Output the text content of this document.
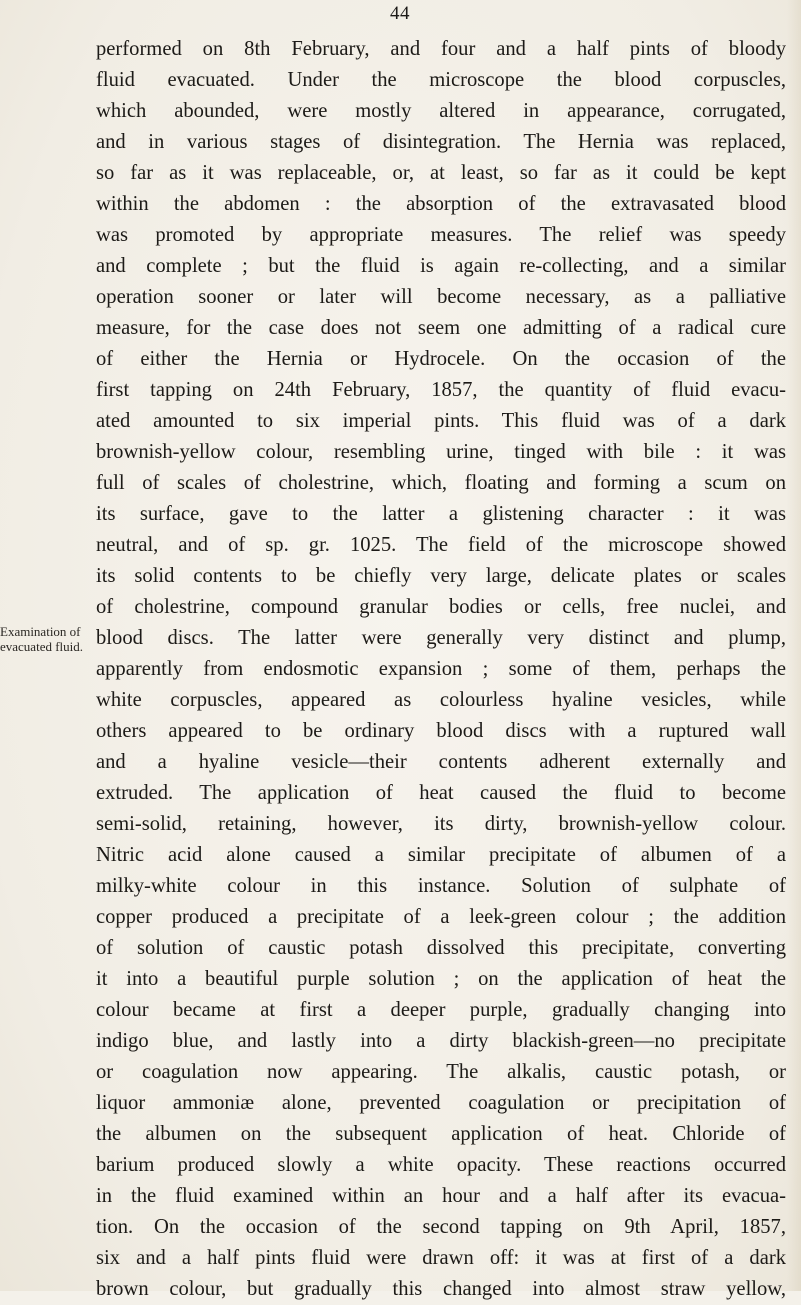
44
Examination of
evacuated fluid.
performed on 8th February, and four and a half pints of bloody
fluid evacuated. Under the microscope the blood corpuscles,
which abounded, were mostly altered in appearance, corrugated,
and in various stages of disintegration. The Hernia was replaced,
so far as it was replaceable, or, at least, so far as it could be kept
within the abdomen : the absorption of the extravasated blood
was promoted by appropriate measures. The relief was speedy
and complete ; but the fluid is again re-collecting, and a similar
operation sooner or later will become necessary, as a palliative
measure, for the case does not seem one admitting of a radical cure
of either the Hernia or Hydrocele. On the occasion of the
first tapping on 24th February, 1857, the quantity of fluid evacu-
ated amounted to six imperial pints. This fluid was of a dark
brownish-yellow colour, resembling urine, tinged with bile : it was
full of scales of cholestrine, which, floating and forming a scum on
its surface, gave to the latter a glistening character : it was
neutral, and of sp. gr. 1025. The field of the microscope showed
its solid contents to be chiefly very large, delicate plates or scales
of cholestrine, compound granular bodies or cells, free nuclei, and
blood discs. The latter were generally very distinct and plump,
apparently from endosmotic expansion ; some of them, perhaps the
white corpuscles, appeared as colourless hyaline vesicles, while
others appeared to be ordinary blood discs with a ruptured wall
and a hyaline vesicle—their contents adherent externally and
extruded. The application of heat caused the fluid to become
semi-solid, retaining, however, its dirty, brownish-yellow colour.
Nitric acid alone caused a similar precipitate of albumen of a
milky-white colour in this instance. Solution of sulphate of
copper produced a precipitate of a leek-green colour ; the addition
of solution of caustic potash dissolved this precipitate, converting
it into a beautiful purple solution ; on the application of heat the
colour became at first a deeper purple, gradually changing into
indigo blue, and lastly into a dirty blackish-green—no precipitate
or coagulation now appearing. The alkalis, caustic potash, or
liquor ammoniæ alone, prevented coagulation or precipitation of
the albumen on the subsequent application of heat. Chloride of
barium produced slowly a white opacity. These reactions occurred
in the fluid examined within an hour and a half after its evacua-
tion. On the occasion of the second tapping on 9th April, 1857,
six and a half pints fluid were drawn off: it was at first of a dark
brown colour, but gradually this changed into almost straw yellow,
